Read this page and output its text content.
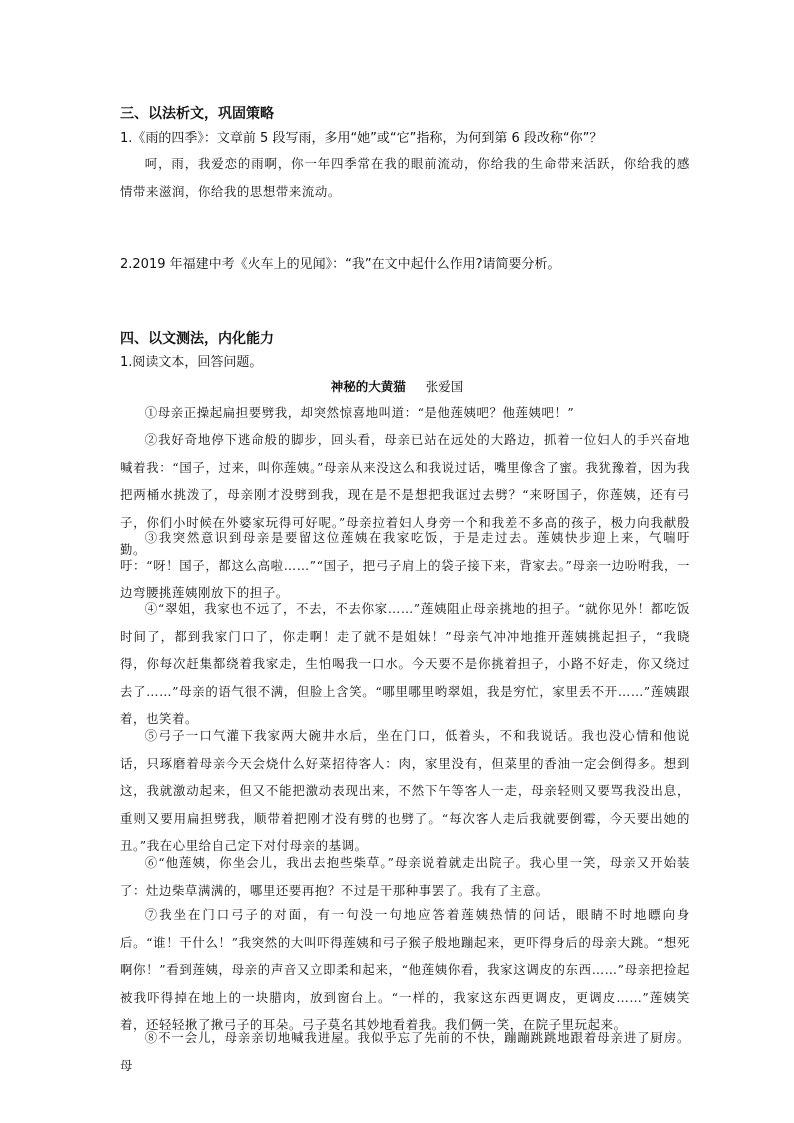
三、以法析文，巩固策略
1.《雨的四季》：文章前 5 段写雨，多用“她”或“它”指称，为何到第 6 段改称“你”？

呵，雨，我爱恋的雨啊，你一年四季常在我的眼前流动，你给我的生命带来活跃，你给我的感情带来滋润，你给我的思想带来流动。

2.2019 年福建中考《火车上的见闻》：“我”在文中起什么作用?请简要分析。
四、以文测法，内化能力
1.阅读文本，回答问题。
神秘的大黄猫 张爱国

①母亲正操起扁担要劈我，却突然惊喜地叫道：“是他莲姨吧？他莲姨吧！”

②我好奇地停下逃命般的脚步，回头看，母亲已站在远处的大路边，抓着一位妇人的手兴奋地喊着我：“国子，过来，叫你莲姨。”母亲从来没这么和我说过话，嘴里像含了蜜。我犹豫着，因为我把两桶水挑泼了，母亲刚才没劈到我，现在是不是想把我诓过去劈？“来呀国子，你莲姨，还有弓子，你们小时候在外婆家玩得可好呢。”母亲拉着妇人身旁一个和我差不多高的孩子，极力向我献殷勤。

③我突然意识到母亲是要留这位莲姨在我家吃饭，于是走过去。莲姨快步迎上来，气喘吁吁：“呀！国子，都这么高啦……”“国子，把弓子肩上的袋子接下来，背家去。”母亲一边吩咐我，一边弯腰挑莲姨刚放下的担子。

④“翠姐，我家也不远了，不去，不去你家……”莲姨阻止母亲挑地的担子。“就你见外！都吃饭时间了，都到我家门口了，你走啊！走了就不是姐妹！”母亲气冲冲地推开莲姨挑起担子，“我晓得，你每次赶集都绕着我家走，生怕喝我一口水。今天要不是你挑着担子，小路不好走，你又绕过去了……”母亲的语气很不满，但脸上含笑。“哪里哪里哟翠姐，我是穷忙，家里丢不开……”莲姨跟着，也笑着。

⑤弓子一口气灌下我家两大碗井水后，坐在门口，低着头，不和我说话。我也没心情和他说话，只琢磨着母亲今天会烧什么好菜招待客人：肉，家里没有，但菜里的香油一定会倒得多。想到这，我就激动起来，但又不能把激动表现出来，不然下午等客人一走，母亲轻则又要骂我没出息，重则又要用扁担劈我，顺带着把刚才没有劈的也劈了。“每次客人走后我就要倒霉，今天要出她的丑。”我在心里给自己定下对付母亲的基调。

⑥“他莲姨，你坐会儿，我出去抱些柴草。”母亲说着就走出院子。我心里一笑，母亲又开始装了：灶边柴草满满的，哪里还要再抱？不过是干那种事罢了。我有了主意。

⑦我坐在门口弓子的对面，有一句没一句地应答着莲姨热情的问话，眼睛不时地瞟向身后。“谁！干什么！”我突然的大叫吓得莲姨和弓子猴子般地蹦起来，更吓得身后的母亲大跳。“想死啊你！”看到莲姨，母亲的声音又立即柔和起来，“他莲姨你看，我家这调皮的东西……”母亲把捡起被我吓得掉在地上的一块腊肉，放到窗台上。“一样的，我家这东西更调皮，更调皮……”莲姨笑着，还轻轻揪了揪弓子的耳朵。弓子莫名其妙地看着我。我们俩一笑，在院子里玩起来。

⑧不一会儿，母亲亲切地喊我进屋。我似乎忘了先前的不快，蹦蹦跳跳地跟着母亲进了厨房。母
